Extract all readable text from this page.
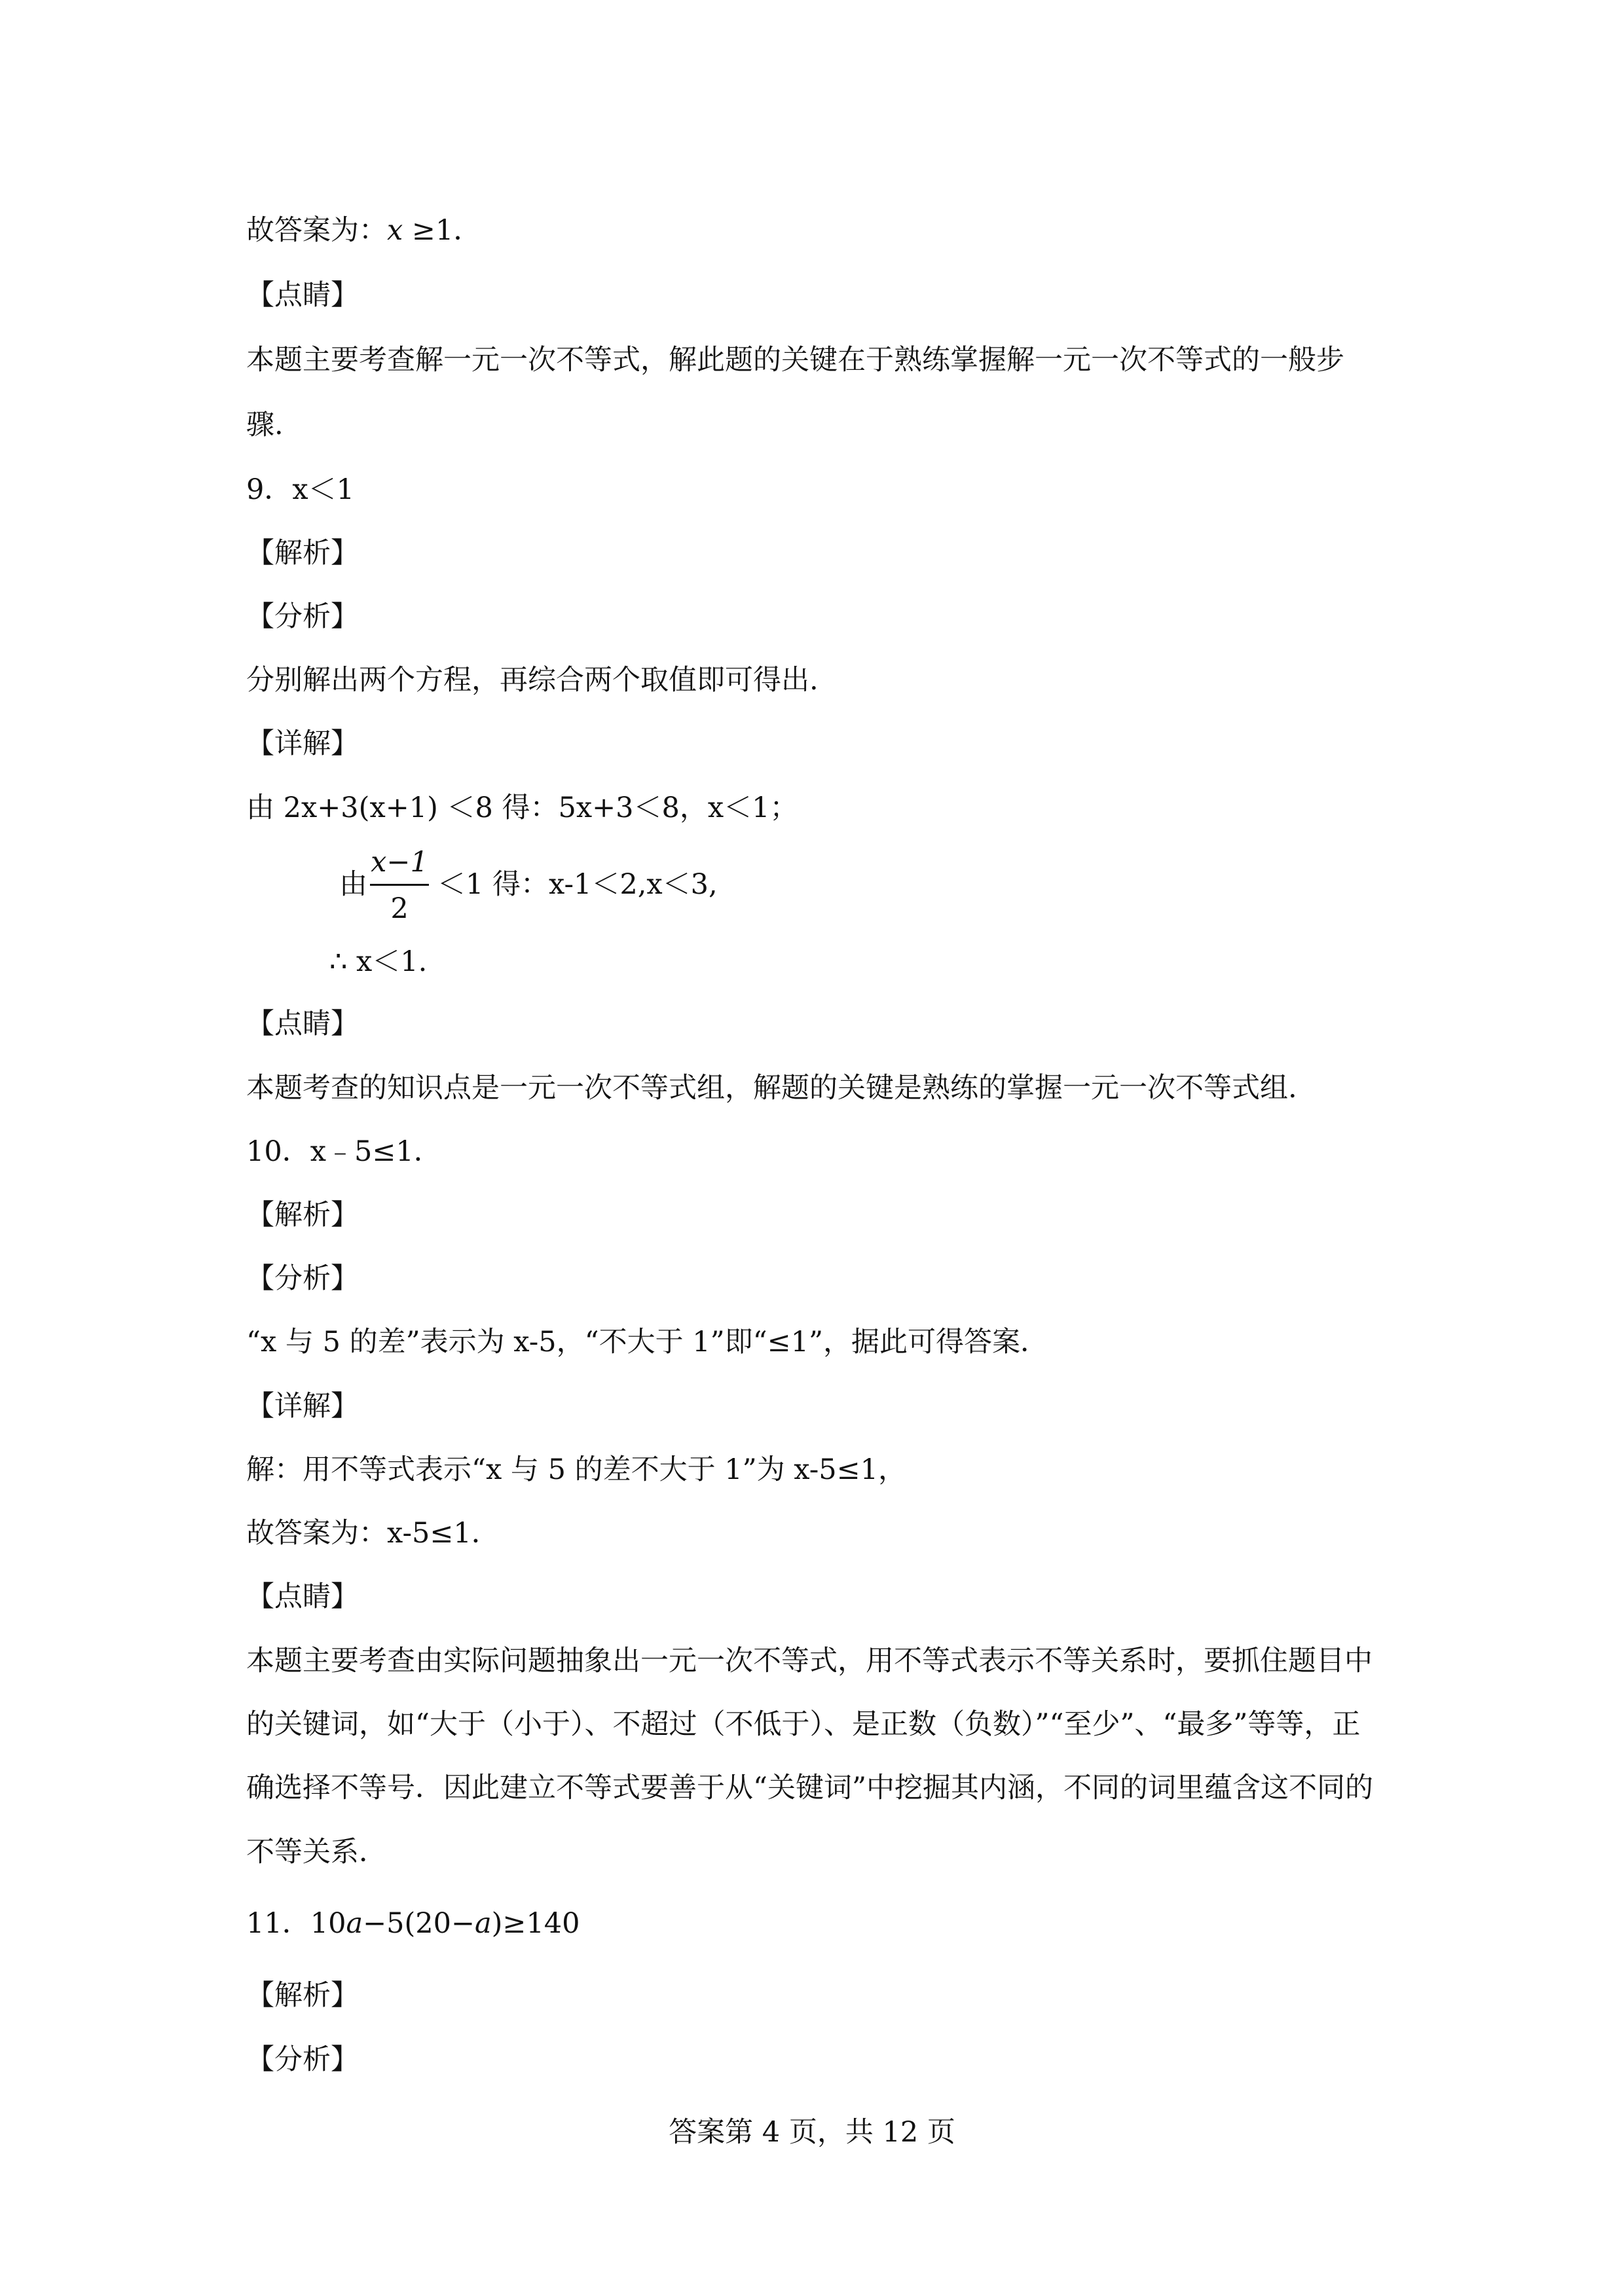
故答案为：x ≥1．
【点睛】
本题主要考查解一元一次不等式，解此题的关键在于熟练掌握解一元一次不等式的一般步
骤.
9．x＜1
【解析】
【分析】
分别解出两个方程，再综合两个取值即可得出.
【详解】
由 2x+3(x+1) ＜8 得：5x+3＜8，x＜1；
由
x−1
2
＜1 得：x-1＜2,x＜3,
∴ x＜1.
【点睛】
本题考查的知识点是一元一次不等式组，解题的关键是熟练的掌握一元一次不等式组.
10．x﹣5≤1．
【解析】
【分析】
“x 与 5 的差”表示为 x-5，“不大于 1”即“≤1”，据此可得答案．
【详解】
解：用不等式表示“x 与 5 的差不大于 1”为 x-5≤1，
故答案为：x-5≤1．
【点睛】
本题主要考查由实际问题抽象出一元一次不等式，用不等式表示不等关系时，要抓住题目中
的关键词，如“大于（小于）、不超过（不低于）、是正数（负数）”“至少”、“最多”等等，正
确选择不等号．因此建立不等式要善于从“关键词”中挖掘其内涵，不同的词里蕴含这不同的
不等关系．
11．10a−5(20−a)≥140
【解析】
【分析】
答案第 4 页，共 12 页
